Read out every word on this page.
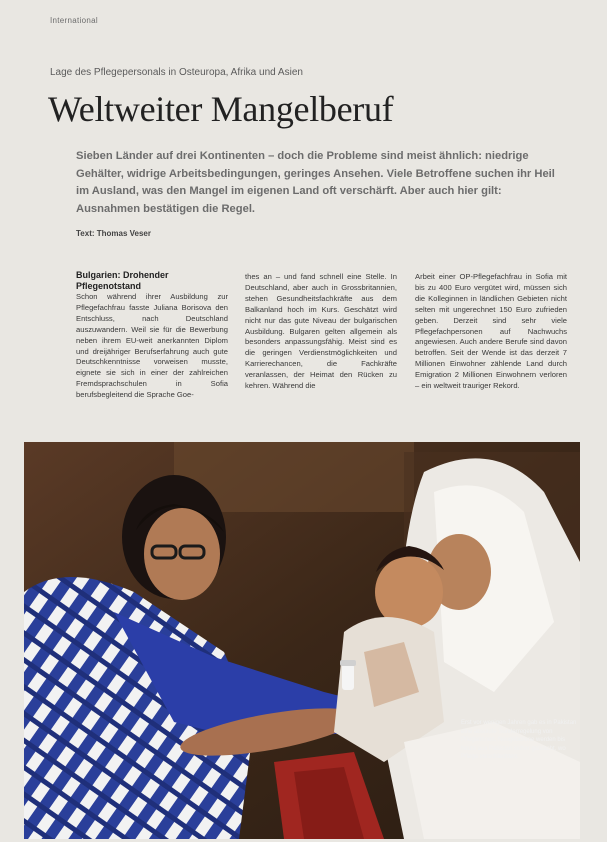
International
Lage des Pflegepersonals in Osteuropa, Afrika und Asien
Weltweiter Mangelberuf

Sieben Länder auf drei Kontinenten – doch die Probleme sind meist ähnlich: niedrige Gehälter, widrige Arbeitsbedingungen, geringes Ansehen. Viele Betroffene suchen ihr Heil im Ausland, was den Mangel im eigenen Land oft verschärft. Aber auch hier gilt: Ausnahmen bestätigen die Regel.

Text: Thomas Veser
Bulgarien: Drohender Pflegenotstand

Schon während ihrer Ausbildung zur Pflegefachfrau fasste Juliana Borisova den Entschluss, nach Deutschland auszuwandern. Weil sie für die Bewerbung neben ihrem EU-weit anerkannten Diplom und dreijähriger Berufserfahrung auch gute Deutschkenntnisse vorweisen musste, eignete sie sich in einer der zahlreichen Fremdsprachschulen in Sofia berufsbegleitend die Sprache Goe-

thes an – und fand schnell eine Stelle. In Deutschland, aber auch in Grossbritannien, stehen Gesundheitsfachkräfte aus dem Balkanland hoch im Kurs. Geschätzt wird nicht nur das gute Niveau der bulgarischen Ausbildung. Bulgaren gelten allgemein als besonders anpassungsfähig. Meist sind es die geringen Verdienstmöglichkeiten und Karrierechancen, die Fachkräfte veranlassen, der Heimat den Rücken zu kehren. Während die

Arbeit einer OP-Pflegefachfrau in Sofia mit bis zu 400 Euro vergütet wird, müssen sich die Kolleginnen in ländlichen Gebieten nicht selten mit ungerechnet 150 Euro zufrieden geben. Derzeit sind sehr viele Pflegefachpersonen auf Nachwuchs angewiesen. Auch andere Berufe sind davon betroffen. Seit der Wende ist das derzeit 7 Millionen Einwohner zählende Land durch Emigration 2 Millionen Einwohnern verloren – ein weltweit trauriger Rekord.

Erst vor wenigen Jahren gab es in Pakistan eine absolute Sonderregelung von Pflegerinnen. Neugeborene werden bis heute aus Pakistan sicher gebracht, wo Pflege verschlechtert.
